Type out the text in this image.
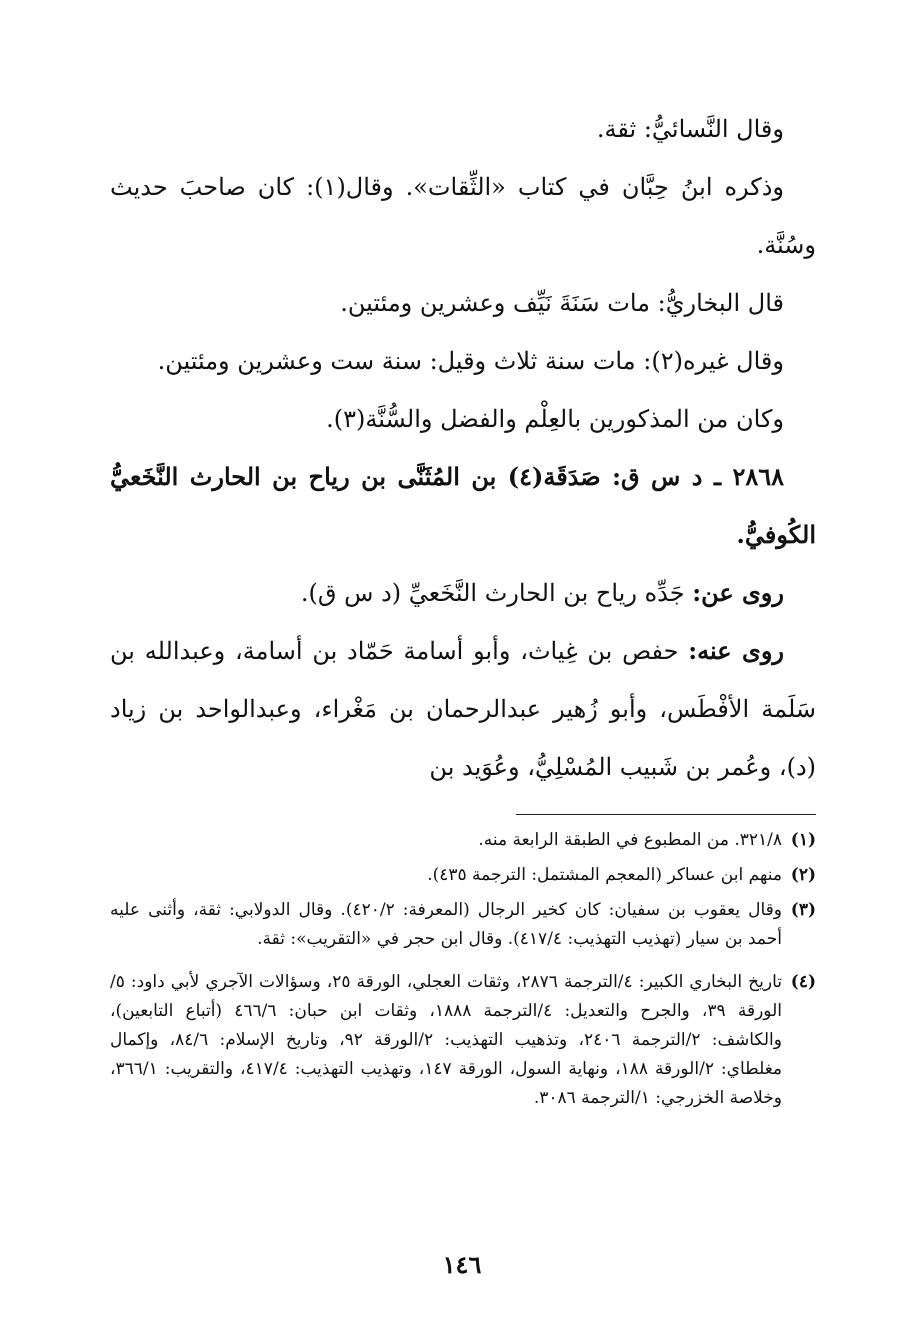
وقال النَّسائيُّ: ثقة.

وذكره ابنُ حِبَّان في كتاب «الثِّقات». وقال(١): كان صاحبَ حديث وسُنَّة.

قال البخاريُّ: مات سَنَةَ نَيِّف وعشرين ومئتين.

وقال غيره(٢): مات سنة ثلاث وقيل: سنة ست وعشرين ومئتين.

وكان من المذكورين بالعِلْم والفضل والسُّنَّة(٣).

٢٨٦٨ ـ د س ق: صَدَقَة(٤) بن المُثَنَّى بن رياح بن الحارث النَّخَعيُّ الكُوفيُّ.

روى عن: جَدِّه رياح بن الحارث النَّخَعيِّ (د س ق).

روى عنه: حفص بن غِياث، وأبو أسامة حَمّاد بن أسامة، وعبدالله بن سَلَمة الأفْطَس، وأبو زُهير عبدالرحمان بن مَغْراء، وعبدالواحد بن زياد (د)، وعُمر بن شَبيب المُسْلِيُّ، وعُوَيد بن

(١)
٣٢١/٨. من المطبوع في الطبقة الرابعة منه.
(٢)
منهم ابن عساكر (المعجم المشتمل: الترجمة ٤٣٥).
(٣)
وقال يعقوب بن سفيان: كان كخير الرجال (المعرفة: ٤٢٠/٢). وقال الدولابي: ثقة، وأثنى عليه أحمد بن سيار (تهذيب التهذيب: ٤١٧/٤). وقال ابن حجر في «التقريب»: ثقة.
(٤)
تاريخ البخاري الكبير: ٤/الترجمة ٢٨٧٦، وثقات العجلي، الورقة ٢٥، وسؤالات الآجري لأبي داود: ٥/الورقة ٣٩، والجرح والتعديل: ٤/الترجمة ١٨٨٨، وثقات ابن حبان: ٤٦٦/٦ (أتباع التابعين)، والكاشف: ٢/الترجمة ٢٤٠٦، وتذهيب التهذيب: ٢/الورقة ٩٢، وتاريخ الإسلام: ٨٤/٦، وإكمال مغلطاي: ٢/الورقة ١٨٨، ونهاية السول، الورقة ١٤٧، وتهذيب التهذيب: ٤١٧/٤، والتقريب: ٣٦٦/١، وخلاصة الخزرجي: ١/الترجمة ٣٠٨٦.
١٤٦
